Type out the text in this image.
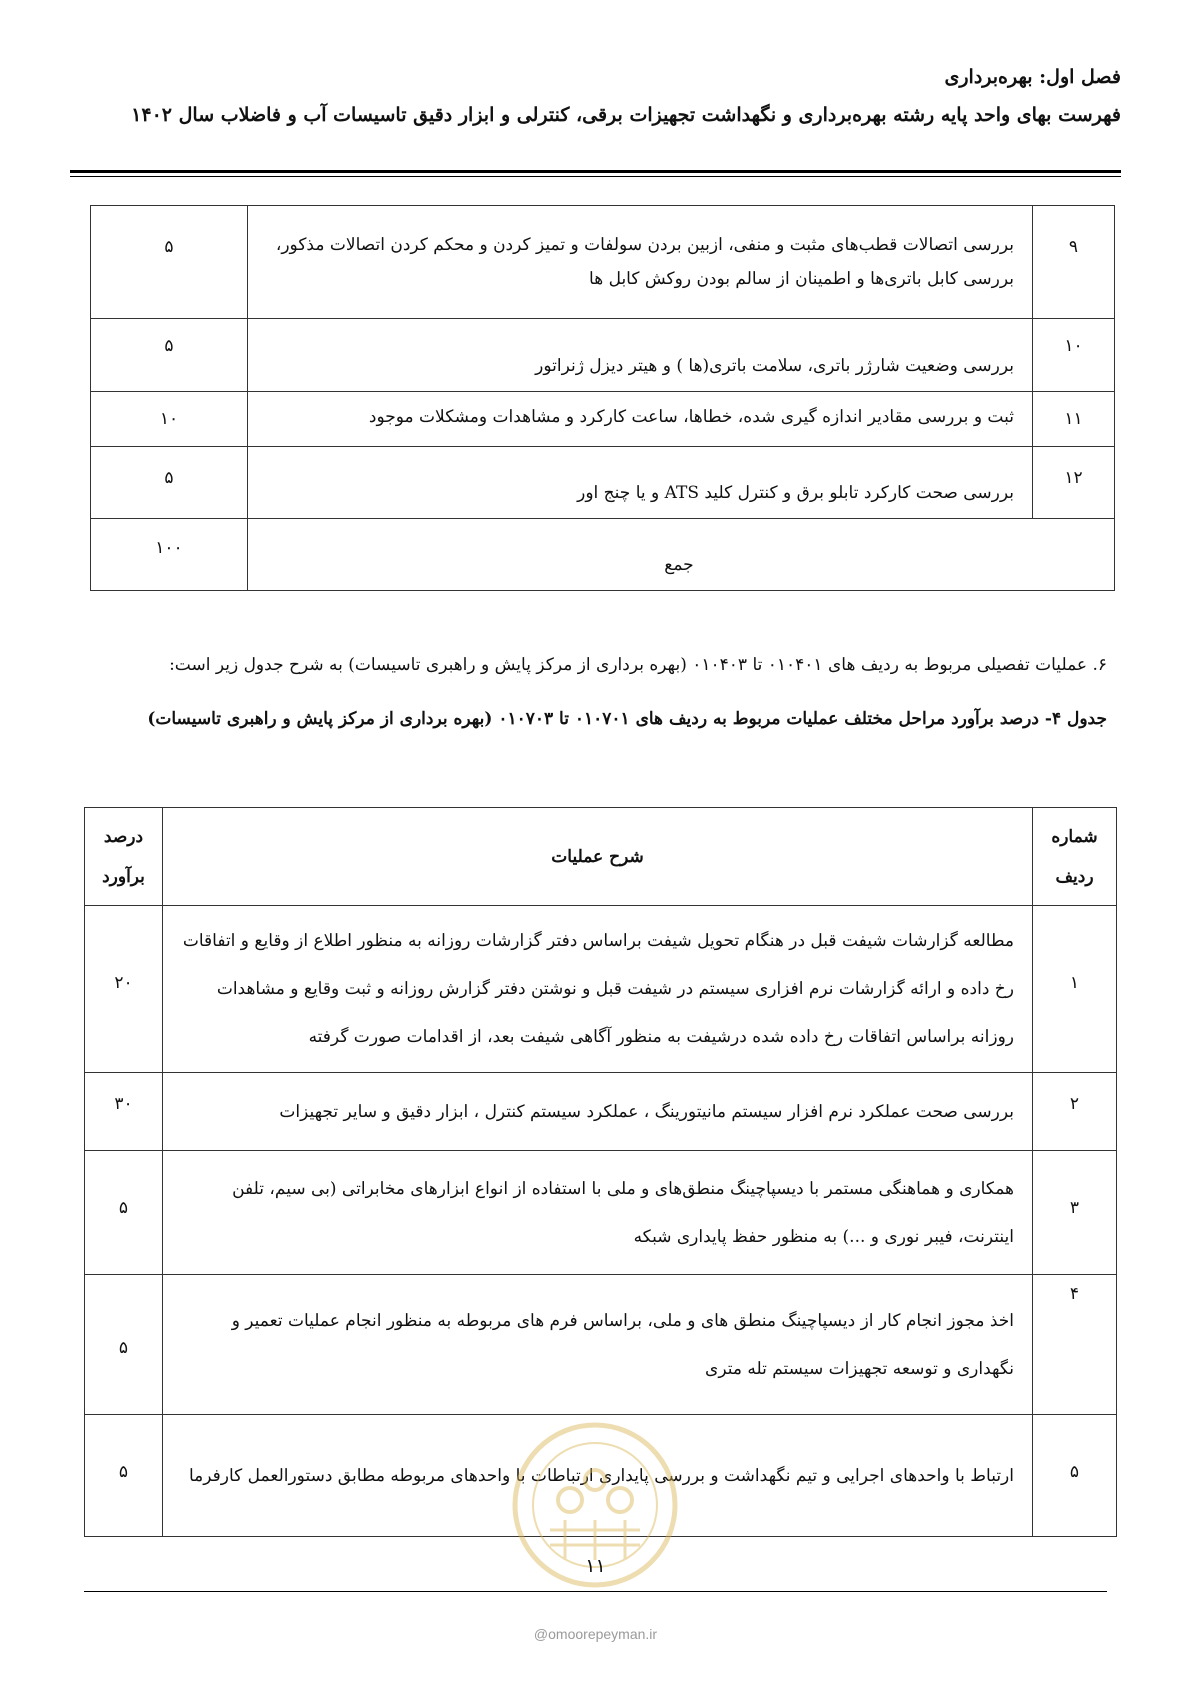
فصل اول: بهره‌برداری
فهرست بهای واحد پایه رشته بهره‌برداری و نگهداشت تجهیزات برقی، کنترلی و ابزار دقیق تاسیسات آب و فاضلاب سال ۱۴۰۲
۹	بررسی اتصالات قطب‌های مثبت و منفی، ازبین بردن سولفات و تمیز کردن و محکم کردن اتصالات مذکور، بررسی کابل باتری‌ها و اطمینان از سالم بودن روکش کابل ها	۵
۱۰	بررسی وضعیت شارژر باتری، سلامت باتری(ها ) و هیتر دیزل ژنراتور	۵
۱۱	ثبت و بررسی مقادیر اندازه گیری شده، خطاها، ساعت کارکرد و مشاهدات ومشکلات موجود	۱۰
۱۲	بررسی صحت کارکرد تابلو برق و کنترل کلید ATS و یا چنج اور	۵
جمع		۱۰۰
۶. عملیات تفصیلی مربوط به ردیف های ۰۱۰۴۰۱ تا ۰۱۰۴۰۳ (بهره برداری از مرکز پایش و راهبری تاسیسات) به شرح جدول زیر است:
جدول ۴- درصد برآورد مراحل مختلف عملیات مربوط به ردیف های ۰۱۰۷۰۱ تا ۰۱۰۷۰۳ (بهره برداری از مرکز پایش و راهبری تاسیسات)
شماره ردیف	شرح عملیات	درصد برآورد
۱	مطالعه گزارشات شیفت قبل در هنگام تحویل شیفت براساس دفتر گزارشات روزانه به منظور اطلاع از وقایع و اتفاقات رخ داده و ارائه گزارشات نرم افزاری سیستم در شیفت قبل و نوشتن دفتر گزارش روزانه و ثبت وقایع و مشاهدات روزانه براساس اتفاقات رخ داده شده درشیفت به منظور آگاهی شیفت بعد، از اقدامات صورت گرفته	۲۰
۲	بررسی صحت عملکرد نرم افزار سیستم مانیتورینگ ، عملکرد سیستم کنترل ، ابزار دقیق و سایر تجهیزات	۳۰
۳	همکاری و هماهنگی مستمر با دیسپاچینگ منطق‌های و ملی با استفاده از انواع ابزارهای مخابراتی (بی سیم، تلفن اینترنت، فیبر نوری و ...) به منظور حفظ پایداری شبکه	۵
۴	اخذ مجوز انجام کار از دیسپاچینگ منطق های و ملی، براساس فرم های مربوطه به منظور انجام عملیات تعمیر و نگهداری و توسعه تجهیزات سیستم تله متری	۵
۵	ارتباط با واحدهای اجرایی و تیم نگهداشت و بررسی پایداری ارتباطات با واحدهای مربوطه مطابق دستورالعمل کارفرما	۵
۱۱
@omoorepeyman.ir
